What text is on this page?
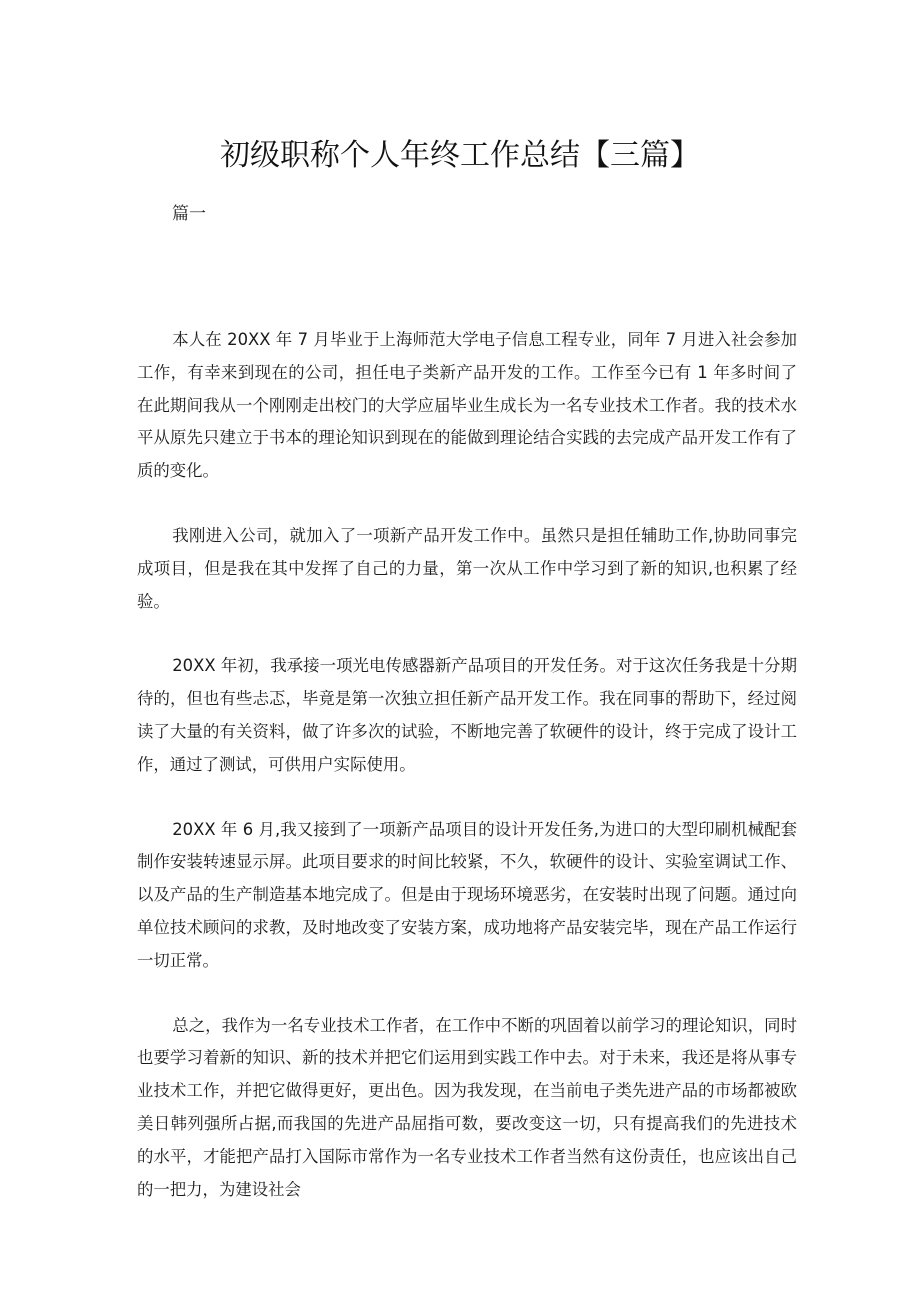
初级职称个人年终工作总结【三篇】

篇一

本人在 20XX 年 7 月毕业于上海师范大学电子信息工程专业，同年 7 月进入社会参加工作，有幸来到现在的公司，担任电子类新产品开发的工作。工作至今已有 1 年多时间了在此期间我从一个刚刚走出校门的大学应届毕业生成长为一名专业技术工作者。我的技术水平从原先只建立于书本的理论知识到现在的能做到理论结合实践的去完成产品开发工作有了质的变化。

我刚进入公司，就加入了一项新产品开发工作中。虽然只是担任辅助工作,协助同事完成项目，但是我在其中发挥了自己的力量，第一次从工作中学习到了新的知识,也积累了经验。

20XX 年初，我承接一项光电传感器新产品项目的开发任务。对于这次任务我是十分期待的，但也有些忐忑，毕竟是第一次独立担任新产品开发工作。我在同事的帮助下，经过阅读了大量的有关资料，做了许多次的试验，不断地完善了软硬件的设计，终于完成了设计工作，通过了测试，可供用户实际使用。

20XX 年 6 月,我又接到了一项新产品项目的设计开发任务,为进口的大型印刷机械配套制作安装转速显示屏。此项目要求的时间比较紧，不久，软硬件的设计、实验室调试工作、以及产品的生产制造基本地完成了。但是由于现场环境恶劣，在安装时出现了问题。通过向单位技术顾问的求教，及时地改变了安装方案，成功地将产品安装完毕，现在产品工作运行一切正常。

总之，我作为一名专业技术工作者，在工作中不断的巩固着以前学习的理论知识，同时也要学习着新的知识、新的技术并把它们运用到实践工作中去。对于未来，我还是将从事专业技术工作，并把它做得更好，更出色。因为我发现，在当前电子类先进产品的市场都被欧美日韩列强所占据,而我国的先进产品屈指可数，要改变这一切，只有提高我们的先进技术的水平，才能把产品打入国际市常作为一名专业技术工作者当然有这份责任，也应该出自己的一把力，为建设社会
